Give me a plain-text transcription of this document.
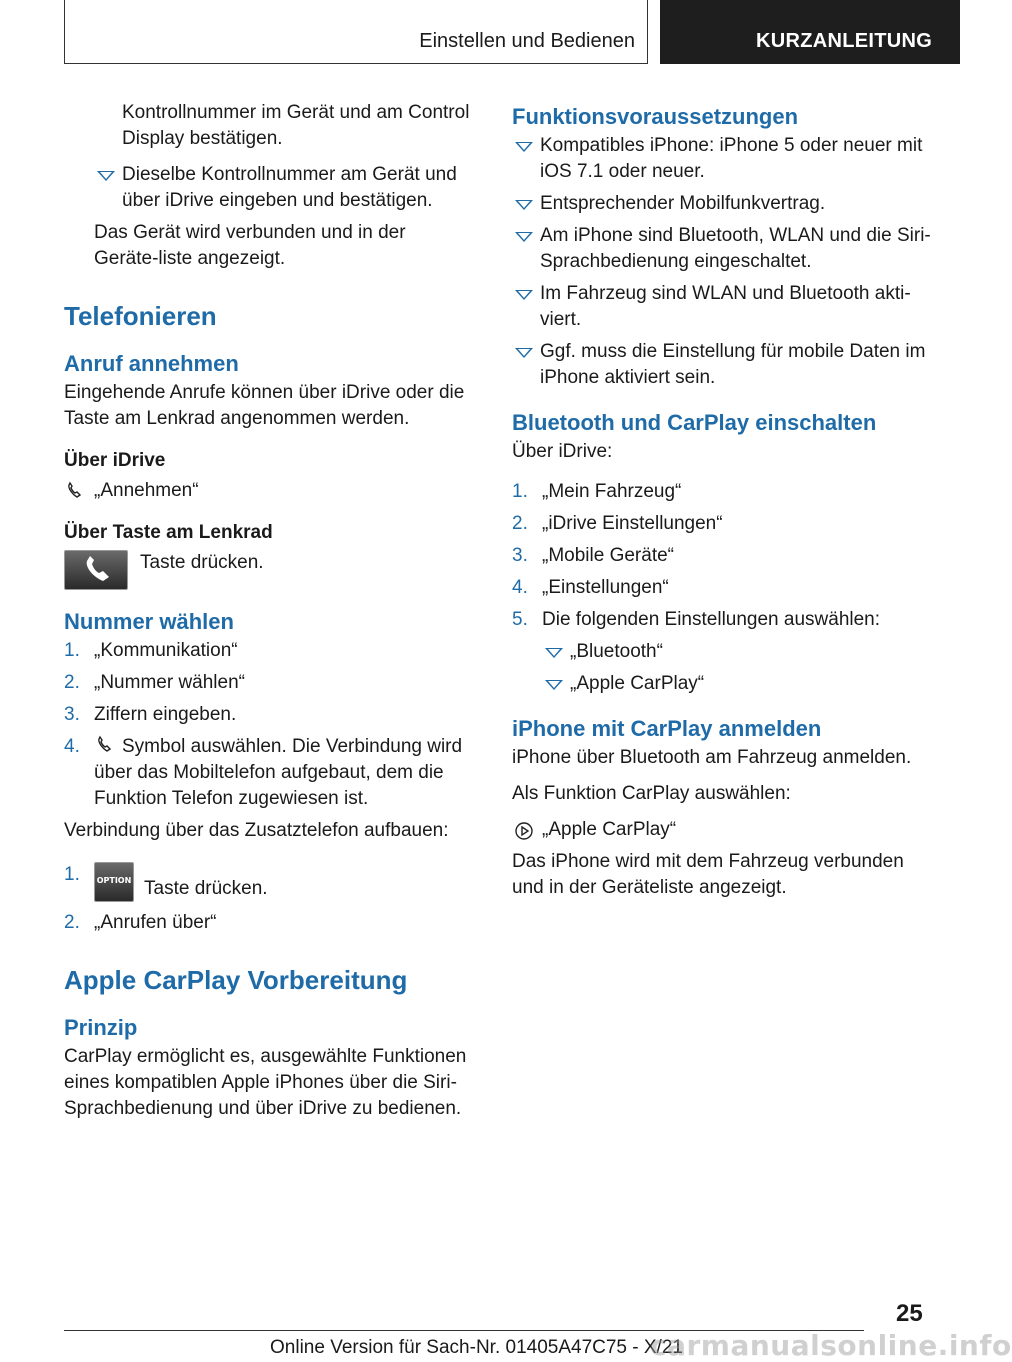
Einstellen und Bedienen	KURZANLEITUNG

Kontrollnummer im Gerät und am Control Display bestätigen.

Dieselbe Kontrollnummer am Gerät und über iDrive eingeben und bestätigen.

Das Gerät wird verbunden und in der Geräte-liste angezeigt.

Telefonieren
Anruf annehmen

Eingehende Anrufe können über iDrive oder die Taste am Lenkrad angenommen werden.

Über iDrive
„Annehmen“
Über Taste am Lenkrad
Taste drücken.
Nummer wählen
1. „Kommunikation“
2. „Nummer wählen“
3. Ziffern eingeben.
4. Symbol auswählen. Die Verbindung wird über das Mobiltelefon aufgebaut, dem die Funktion Telefon zugewiesen ist.

Verbindung über das Zusatztelefon aufbauen:

1. OPTION Taste drücken.
2. „Anrufen über“
Apple CarPlay Vorbereitung
Prinzip

CarPlay ermöglicht es, ausgewählte Funktionen eines kompatiblen Apple iPhones über die Siri-Sprachbedienung und über iDrive zu bedienen.

Funktionsvoraussetzungen
Kompatibles iPhone: iPhone 5 oder neuer mit iOS 7.1 oder neuer.
Entsprechender Mobilfunkvertrag.
Am iPhone sind Bluetooth, WLAN und die Siri-Sprachbedienung eingeschaltet.
Im Fahrzeug sind WLAN und Bluetooth akti-viert.
Ggf. muss die Einstellung für mobile Daten im iPhone aktiviert sein.
Bluetooth und CarPlay einschalten

Über iDrive:

1. „Mein Fahrzeug“
2. „iDrive Einstellungen“
3. „Mobile Geräte“
4. „Einstellungen“
5. Die folgenden Einstellungen auswählen:
„Bluetooth“
„Apple CarPlay“
iPhone mit CarPlay anmelden

iPhone über Bluetooth am Fahrzeug anmelden.

Als Funktion CarPlay auswählen:

„Apple CarPlay“

Das iPhone wird mit dem Fahrzeug verbunden und in der Geräteliste angezeigt.

25
Online Version für Sach-Nr. 01405A47C75 - X/21
carmanualsonline.info
